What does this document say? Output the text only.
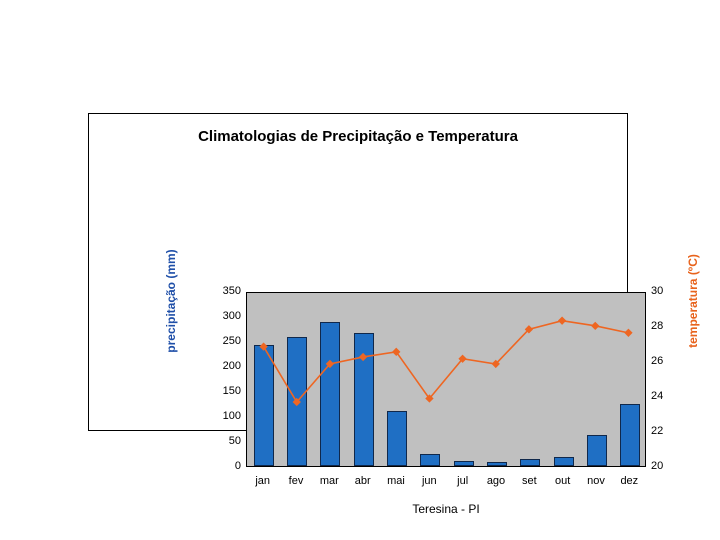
Climatologias de Precipitação e Temperatura
precipitação (mm)	temperatura (ºC)
0
50
100
150
200
250
300
350
20
22
24
26
28
30
jan	fev	mar	abr	mai	jun	jul	ago	set	out	nov	dez
Teresina - PI
